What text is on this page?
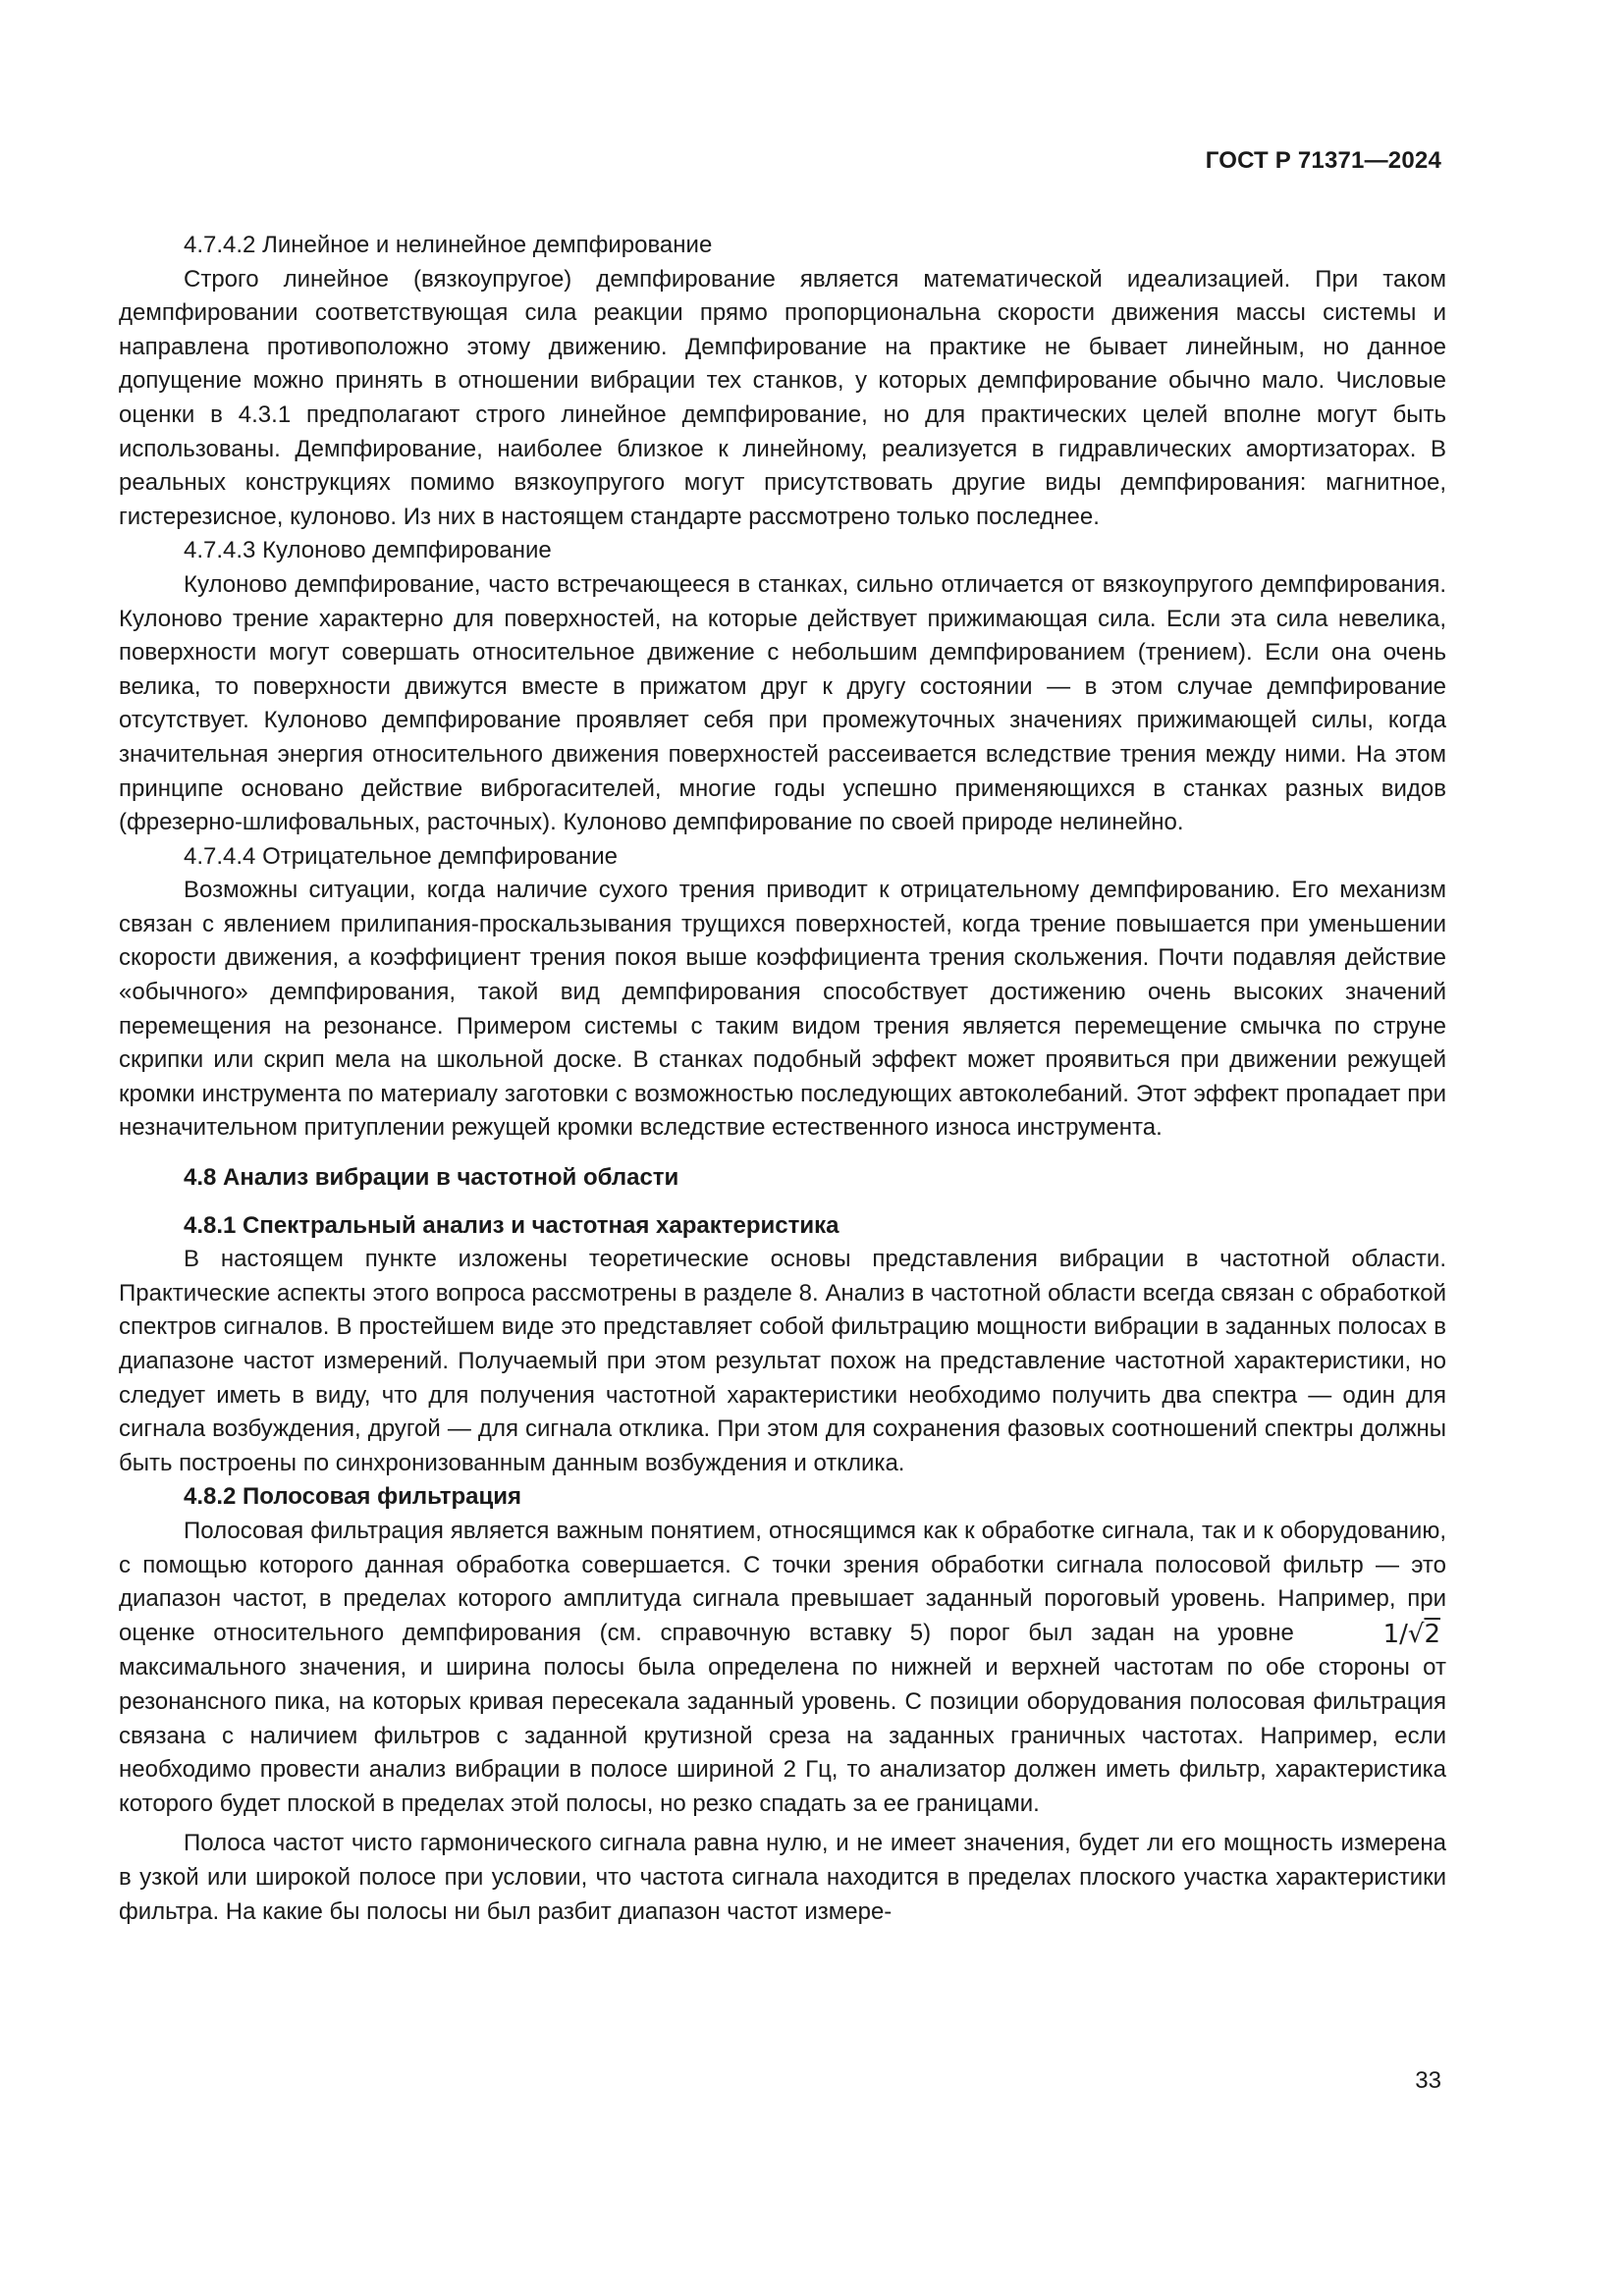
ГОСТ Р 71371—2024

4.7.4.2 Линейное и нелинейное демпфирование

Строго линейное (вязкоупругое) демпфирование является математической идеализацией. При таком демпфировании соответствующая сила реакции прямо пропорциональна скорости движения массы системы и направлена противоположно этому движению. Демпфирование на практике не бывает линейным, но данное допущение можно принять в отношении вибрации тех станков, у которых демпфирование обычно мало. Числовые оценки в 4.3.1 предполагают строго линейное демпфирование, но для практических целей вполне могут быть использованы. Демпфирование, наиболее близкое к линейному, реализуется в гидравлических амортизаторах. В реальных конструкциях помимо вязкоупругого могут присутствовать другие виды демпфирования: магнитное, гистерезисное, кулоново. Из них в настоящем стандарте рассмотрено только последнее.

4.7.4.3 Кулоново демпфирование

Кулоново демпфирование, часто встречающееся в станках, сильно отличается от вязкоупругого демпфирования. Кулоново трение характерно для поверхностей, на которые действует прижимающая сила. Если эта сила невелика, поверхности могут совершать относительное движение с небольшим демпфированием (трением). Если она очень велика, то поверхности движутся вместе в прижатом друг к другу состоянии — в этом случае демпфирование отсутствует. Кулоново демпфирование проявляет себя при промежуточных значениях прижимающей силы, когда значительная энергия относительного движения поверхностей рассеивается вследствие трения между ними. На этом принципе основано действие виброгасителей, многие годы успешно применяющихся в станках разных видов (фрезерно-шлифовальных, расточных). Кулоново демпфирование по своей природе нелинейно.

4.7.4.4 Отрицательное демпфирование

Возможны ситуации, когда наличие сухого трения приводит к отрицательному демпфированию. Его механизм связан с явлением прилипания-проскальзывания трущихся поверхностей, когда трение повышается при уменьшении скорости движения, а коэффициент трения покоя выше коэффициента трения скольжения. Почти подавляя действие «обычного» демпфирования, такой вид демпфирования способствует достижению очень высоких значений перемещения на резонансе. Примером системы с таким видом трения является перемещение смычка по струне скрипки или скрип мела на школьной доске. В станках подобный эффект может проявиться при движении режущей кромки инструмента по материалу заготовки с возможностью последующих автоколебаний. Этот эффект пропадает при незначительном притуплении режущей кромки вследствие естественного износа инструмента.

4.8 Анализ вибрации в частотной области

4.8.1 Спектральный анализ и частотная характеристика

В настоящем пункте изложены теоретические основы представления вибрации в частотной области. Практические аспекты этого вопроса рассмотрены в разделе 8. Анализ в частотной области всегда связан с обработкой спектров сигналов. В простейшем виде это представляет собой фильтрацию мощности вибрации в заданных полосах в диапазоне частот измерений. Получаемый при этом результат похож на представление частотной характеристики, но следует иметь в виду, что для получения частотной характеристики необходимо получить два спектра — один для сигнала возбуждения, другой — для сигнала отклика. При этом для сохранения фазовых соотношений спектры должны быть построены по синхронизованным данным возбуждения и отклика.

4.8.2 Полосовая фильтрация

Полосовая фильтрация является важным понятием, относящимся как к обработке сигнала, так и к оборудованию, с помощью которого данная обработка совершается. С точки зрения обработки сигнала полосовой фильтр — это диапазон частот, в пределах которого амплитуда сигнала превышает заданный пороговый уровень. Например, при оценке относительного демпфирования (см. справочную вставку 5) порог был задан на уровне	1/√2 максимального значения, и ширина полосы была определена по нижней и верхней частотам по обе стороны от резонансного пика, на которых кривая пересекала заданный уровень. С позиции оборудования полосовая фильтрация связана с наличием фильтров с заданной крутизной среза на заданных граничных частотах. Например, если необходимо провести анализ вибрации в полосе шириной 2 Гц, то анализатор должен иметь фильтр, характеристика которого будет плоской в пределах этой полосы, но резко спадать за ее границами.

Полоса частот чисто гармонического сигнала равна нулю, и не имеет значения, будет ли его мощность измерена в узкой или широкой полосе при условии, что частота сигнала находится в пределах плоского участка характеристики фильтра. На какие бы полосы ни был разбит диапазон частот измере-

33
